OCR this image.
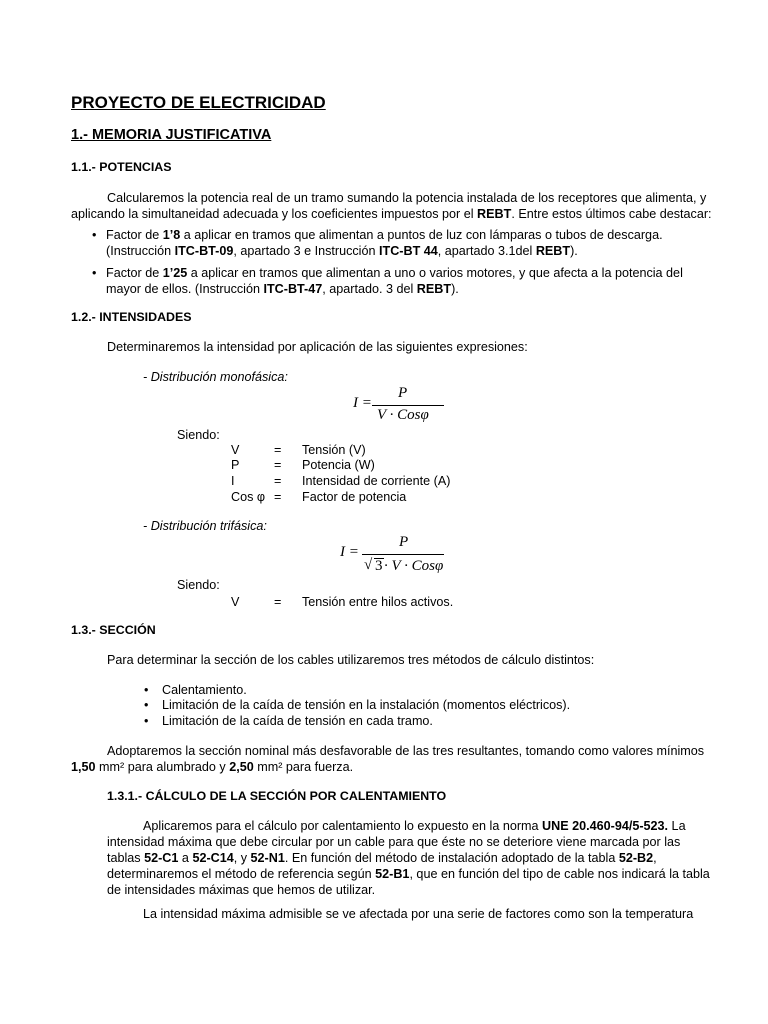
PROYECTO DE ELECTRICIDAD
1.- MEMORIA JUSTIFICATIVA
1.1.- POTENCIAS
Calcularemos la potencia real de un tramo sumando la potencia instalada de los receptores que alimenta, y aplicando la simultaneidad adecuada y los coeficientes impuestos por el REBT. Entre estos últimos cabe destacar:
• Factor de 1’8 a aplicar en tramos que alimentan a puntos de luz con lámparas o tubos de descarga. (Instrucción ITC-BT-09, apartado 3 e Instrucción ITC-BT 44, apartado 3.1del REBT).
• Factor de 1’25 a aplicar en tramos que alimentan a uno o varios motores, y que afecta a la potencia del mayor de ellos. (Instrucción ITC-BT-47, apartado. 3 del REBT).
1.2.- INTENSIDADES
Determinaremos la intensidad por aplicación de las siguientes expresiones:
- Distribución monofásica:
I =
P
V · Cosφ
Siendo:
V	= Tensión (V)
P	= Potencia (W)
I	= Intensidad de corriente (A)
Cos φ = Factor de potencia
- Distribución trifásica:
I =
P
√ 3 · V · Cosφ
Siendo:
V	= Tensión entre hilos activos.
1.3.- SECCIÓN
Para determinar la sección de los cables utilizaremos tres métodos de cálculo distintos:
• Calentamiento.
• Limitación de la caída de tensión en la instalación (momentos eléctricos).
• Limitación de la caída de tensión en cada tramo.
Adoptaremos la sección nominal más desfavorable de las tres resultantes, tomando como valores mínimos 1,50 mm² para alumbrado y 2,50 mm² para fuerza.
1.3.1.- CÁLCULO DE LA SECCIÓN POR CALENTAMIENTO
Aplicaremos para el cálculo por calentamiento lo expuesto en la norma UNE 20.460-94/5-523. La intensidad máxima que debe circular por un cable para que éste no se deteriore viene marcada por las tablas 52-C1 a 52-C14, y 52-N1. En función del método de instalación adoptado de la tabla 52-B2, determinaremos el método de referencia según 52-B1, que en función del tipo de cable nos indicará la tabla de intensidades máximas que hemos de utilizar.
La intensidad máxima admisible se ve afectada por una serie de factores como son la temperatura
